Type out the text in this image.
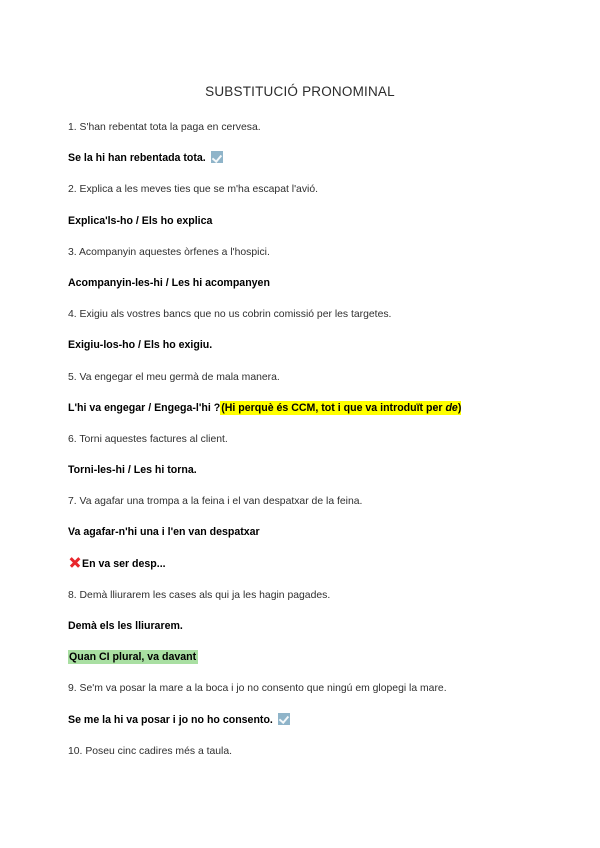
SUBSTITUCIÓ PRONOMINAL
1. S'han rebentat tota la paga en cervesa.
Se la hi han rebentada tota.
2. Explica a les meves ties que se m'ha escapat l'avió.
Explica'ls-ho / Els ho explica
3. Acompanyin aquestes òrfenes a l'hospici.
Acompanyin-les-hi / Les hi acompanyen
4. Exigiu als vostres bancs que no us cobrin comissió per les targetes.
Exigiu-los-ho / Els ho exigiu.
5. Va engegar el meu germà de mala manera.
L'hi va engegar / Engega-l'hi ?(Hi perquè és CCM, tot i que va introduït per de)
6. Torni aquestes factures al client.
Torni-les-hi / Les hi torna.
7. Va agafar una trompa a la feina i el van despatxar de la feina.
Va agafar-n'hi una i l'en van despatxar
En va ser desp...
8. Demà lliurarem les cases als qui ja les hagin pagades.
Demà els les lliurarem.
Quan CI plural, va davant
9. Se'm va posar la mare a la boca i jo no consento que ningú em glopegi la mare.
Se me la hi va posar i jo no ho consento.
10. Poseu cinc cadires més a taula.
